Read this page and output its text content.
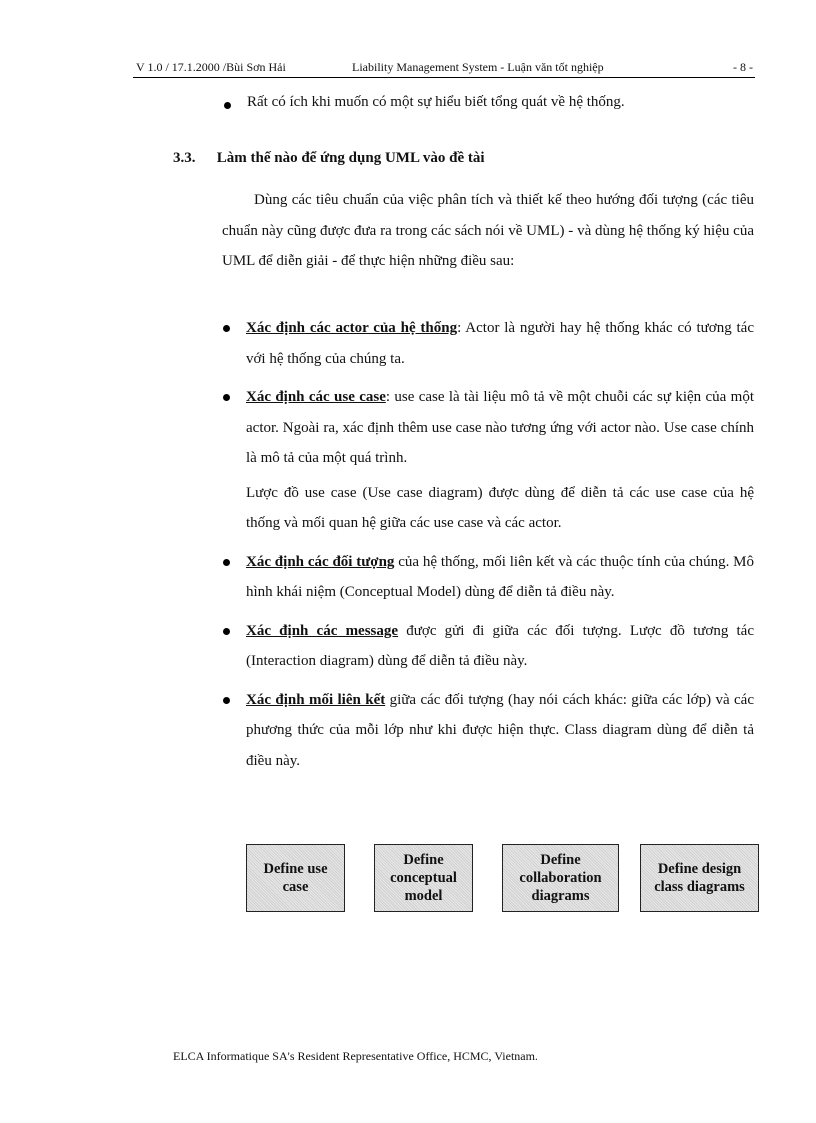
V 1.0 / 17.1.2000 /Bùi Sơn Hải	Liability Management System - Luận văn tốt nghiệp	- 8 -
Rất có ích khi muốn có một sự hiểu biết tổng quát về hệ thống.
3.3. Làm thế nào để ứng dụng UML vào đề tài
Dùng các tiêu chuẩn của việc phân tích và thiết kế theo hướng đối tượng (các tiêu chuẩn này cũng được đưa ra trong các sách nói về UML) - và dùng hệ thống ký hiệu của UML để diễn giải - để thực hiện những điều sau:
Xác định các actor của hệ thống: Actor là người hay hệ thống khác có tương tác với hệ thống của chúng ta.
Xác định các use case: use case là tài liệu mô tả về một chuỗi các sự kiện của một actor. Ngoài ra, xác định thêm use case nào tương ứng với actor nào. Use case chính là mô tả của một quá trình.
Lược đồ use case (Use case diagram) được dùng để diễn tả các use case của hệ thống và mối quan hệ giữa các use case và các actor.
Xác định các đối tượng của hệ thống, mối liên kết và các thuộc tính của chúng. Mô hình khái niệm (Conceptual Model) dùng để diễn tả điều này.
Xác định các message được gửi đi giữa các đối tượng. Lược đồ tương tác (Interaction diagram) dùng để diễn tả điều này.
Xác định mối liên kết giữa các đối tượng (hay nói cách khác: giữa các lớp) và các phương thức của mỗi lớp như khi được hiện thực. Class diagram dùng để diễn tả điều này.
Define use case
Define conceptual model
Define collaboration diagrams
Define design class diagrams
ELCA Informatique SA's Resident Representative Office, HCMC, Vietnam.
